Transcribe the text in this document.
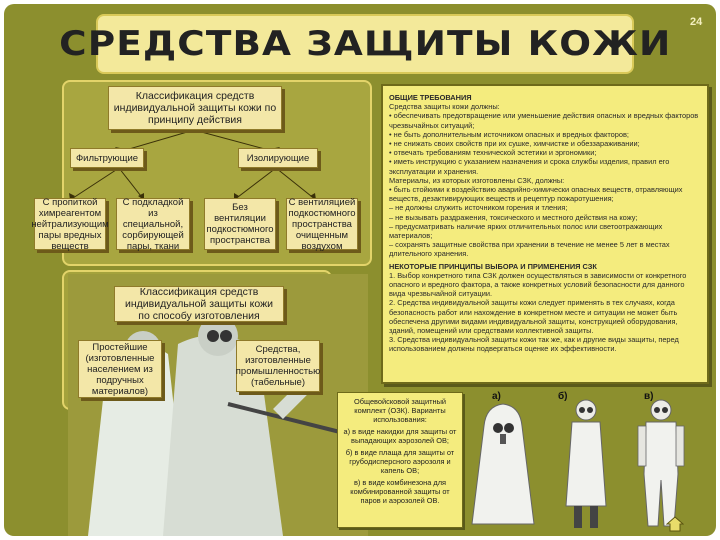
24
СРЕДСТВА ЗАЩИТЫ КОЖИ
Классификация средств индивидуальной защиты кожи по принципу действия
Фильтрующие	Изолирующие
С пропиткой химреагентом нейтрализующим пары вредных веществ
С подкладкой из специальной, сорбирующей пары, ткани
Без вентиляции подкостюмного пространства
С вентиляцией подкостюмного пространства очищенным воздухом
Классификация средств индивидуальной защиты кожи по способу изготовления
Простейшие (изготовленные населением из подручных материалов)
Средства, изготовленные промышленностью (табельные)

ОБЩИЕ ТРЕБОВАНИЯ

Средства защиты кожи должны:

• обеспечивать предотвращение или уменьшение действия опасных и вредных факторов чрезвычайных ситуаций;

• не быть дополнительным источником опасных и вредных факторов;

• не снижать своих свойств при их сушке, химчистке и обеззараживании;

• отвечать требованиям технической эстетики и эргономики;

• иметь инструкцию с указанием назначения и срока службы изделия, правил его эксплуатации и хранения.

Материалы, из которых изготовлены СЗК, должны:

• быть стойкими к воздействию аварийно-химически опасных веществ, отравляющих веществ, дезактивирующих веществ и рецептур пожаротушения;

– не должны служить источником горения и тления;

– не вызывать раздражения, токсического и местного действия на кожу;

– предусматривать наличие ярких отличительных полос или светоотражающих материалов;

– сохранять защитные свойства при хранении в течение не менее 5 лет в местах длительного хранения.

НЕКОТОРЫЕ ПРИНЦИПЫ ВЫБОРА И ПРИМЕНЕНИЯ СЗК

1. Выбор конкретного типа СЗК должен осуществляться в зависимости от конкретного опасного и вредного фактора, а также конкретных условий безопасности для данного вида чрезвычайной ситуации.

2. Средства индивидуальной защиты кожи следует применять в тех случаях, когда безопасность работ или нахождение в конкретном месте и ситуации не может быть обеспечена другими видами индивидуальной защиты, конструкцией оборудования, зданий, помещений или средствами коллективной защиты.

3. Средства индивидуальной защиты кожи так же, как и другие виды защиты, перед использованием должны подвергаться оценке их эффективности.

Общевойсковой защитный комплект (ОЗК). Варианты использования:

а) в виде накидки для защиты от выпадающих аэрозолей ОВ;

б) в виде плаща для защиты от грубодисперсного аэрозоля и капель ОВ;

в) в виде комбинезона для комбинированной защиты от паров и аэрозолей ОВ.

а)	б)	в)
